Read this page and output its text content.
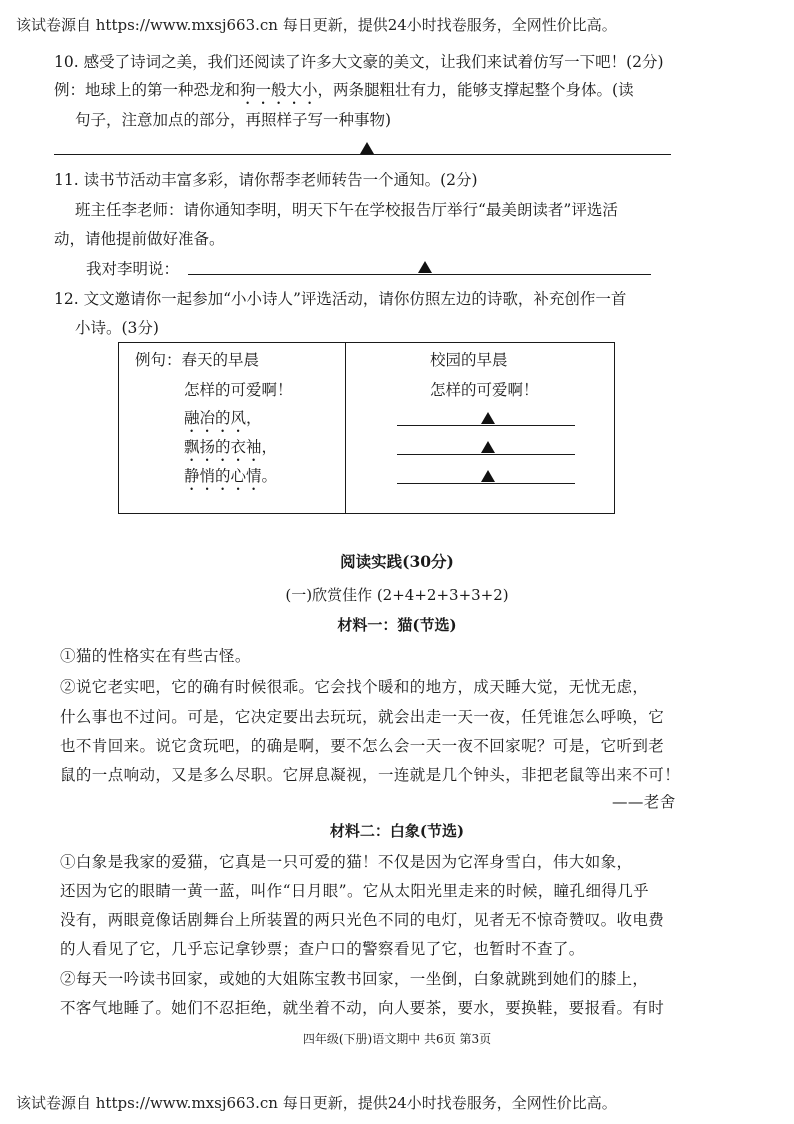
该试卷源自 https://www.mxsj663.cn 每日更新，提供24小时找卷服务，全网性价比高。
10. 感受了诗词之美，我们还阅读了许多大文豪的美文，让我们来试着仿写一下吧！(2分)
例：地球上的第一种恐龙和狗一般大小，两条腿粗壮有力，能够支撑起整个身体。(读
句子，注意加点的部分，再照样子写一种事物)
11. 读书节活动丰富多彩，请你帮李老师转告一个通知。(2分)
班主任李老师：请你通知李明，明天下午在学校报告厅举行“最美朗读者”评选活
动，请他提前做好准备。
我对李明说：
12. 文文邀请你一起参加“小小诗人”评选活动，请你仿照左边的诗歌，补充创作一首
小诗。(3分)
例句：春天的早晨
怎样的可爱啊！
融冶的风，
飘扬的衣袖，
静悄的心情。
校园的早晨
怎样的可爱啊！
阅读实践(30分)
(一)欣赏佳作 (2+4+2+3+3+2)
材料一：猫(节选)
①猫的性格实在有些古怪。
②说它老实吧，它的确有时候很乖。它会找个暖和的地方，成天睡大觉，无忧无虑，
什么事也不过问。可是，它决定要出去玩玩，就会出走一天一夜，任凭谁怎么呼唤，它
也不肯回来。说它贪玩吧，的确是啊，要不怎么会一天一夜不回家呢？可是，它听到老
鼠的一点响动，又是多么尽职。它屏息凝视，一连就是几个钟头，非把老鼠等出来不可！
——老舍
材料二：白象(节选)
①白象是我家的爱猫，它真是一只可爱的猫！不仅是因为它浑身雪白，伟大如象，
还因为它的眼睛一黄一蓝，叫作“日月眼”。它从太阳光里走来的时候，瞳孔细得几乎
没有，两眼竟像话剧舞台上所装置的两只光色不同的电灯，见者无不惊奇赞叹。收电费
的人看见了它，几乎忘记拿钞票；查户口的警察看见了它，也暂时不查了。
②每天一吟读书回家，或她的大姐陈宝教书回家，一坐倒，白象就跳到她们的膝上，
不客气地睡了。她们不忍拒绝，就坐着不动，向人要茶，要水，要换鞋，要报看。有时
四年级(下册)语文期中 共6页 第3页
该试卷源自 https://www.mxsj663.cn 每日更新，提供24小时找卷服务，全网性价比高。
